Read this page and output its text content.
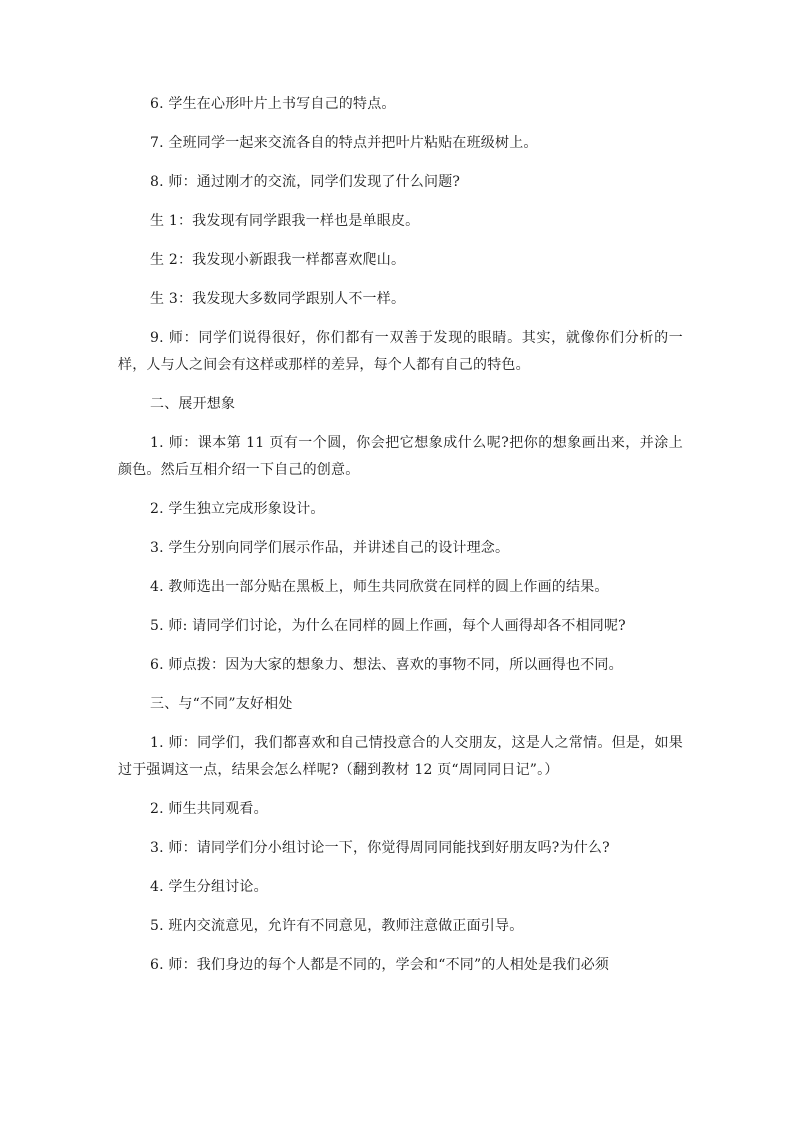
6. 学生在心形叶片上书写自己的特点。

7. 全班同学一起来交流各自的特点并把叶片粘贴在班级树上。

8. 师：通过刚才的交流，同学们发现了什么问题?

生 1：我发现有同学跟我一样也是单眼皮。

生 2：我发现小新跟我一样都喜欢爬山。

生 3：我发现大多数同学跟别人不一样。

9. 师：同学们说得很好，你们都有一双善于发现的眼睛。其实，就像你们分析的一样，人与人之间会有这样或那样的差异，每个人都有自己的特色。

二、展开想象

1. 师：课本第 11 页有一个圆，你会把它想象成什么呢?把你的想象画出来，并涂上颜色。然后互相介绍一下自己的创意。

2. 学生独立完成形象设计。

3. 学生分别向同学们展示作品，并讲述自己的设计理念。

4. 教师选出一部分贴在黑板上，师生共同欣赏在同样的圆上作画的结果。

5. 师: 请同学们讨论，为什么在同样的圆上作画，每个人画得却各不相同呢?

6. 师点拨：因为大家的想象力、想法、喜欢的事物不同，所以画得也不同。

三、与“不同”友好相处

1. 师：同学们，我们都喜欢和自己情投意合的人交朋友，这是人之常情。但是，如果过于强调这一点，结果会怎么样呢?（翻到教材 12 页“周同同日记”。）

2. 师生共同观看。

3. 师：请同学们分小组讨论一下，你觉得周同同能找到好朋友吗?为什么?

4. 学生分组讨论。

5. 班内交流意见，允许有不同意见，教师注意做正面引导。

6. 师：我们身边的每个人都是不同的，学会和“不同”的人相处是我们必须
